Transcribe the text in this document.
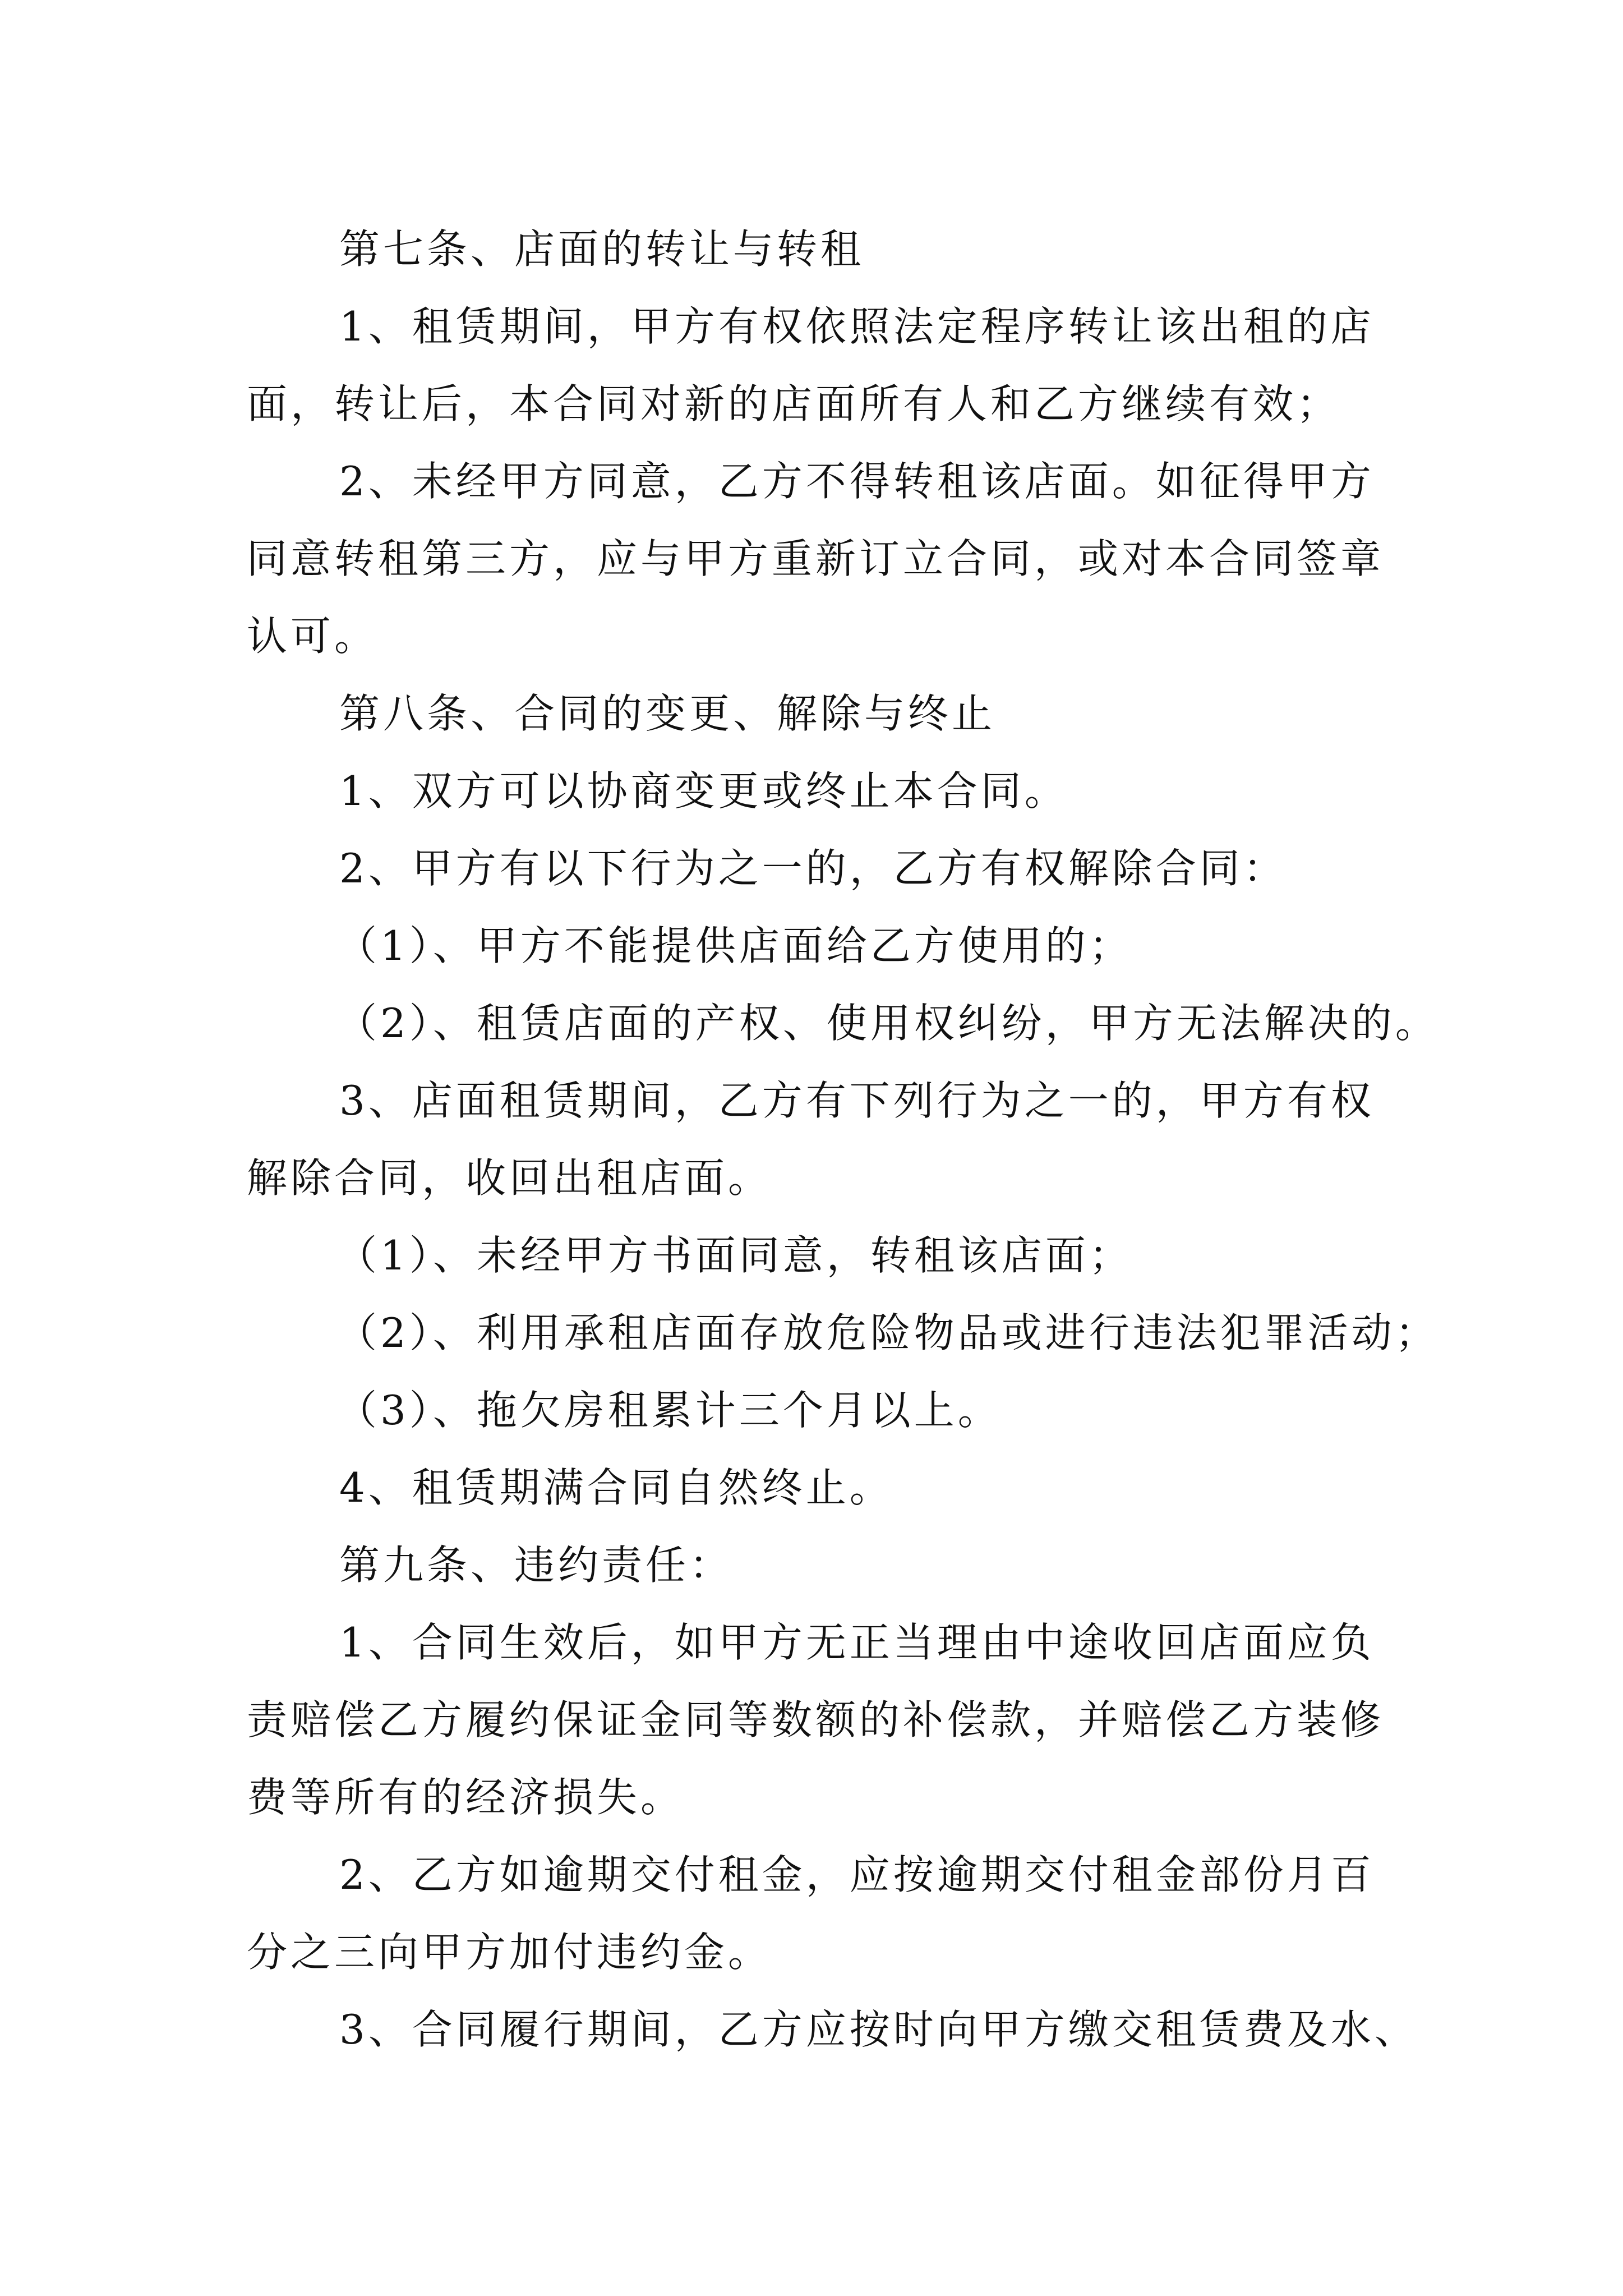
第七条、店面的转让与转租
1、租赁期间，甲方有权依照法定程序转让该出租的店
面，转让后，本合同对新的店面所有人和乙方继续有效；
2、未经甲方同意，乙方不得转租该店面。如征得甲方
同意转租第三方，应与甲方重新订立合同，或对本合同签章
认可。
第八条、合同的变更、解除与终止
1、双方可以协商变更或终止本合同。
2、甲方有以下行为之一的，乙方有权解除合同：
（1）、甲方不能提供店面给乙方使用的；
（2）、租赁店面的产权、使用权纠纷，甲方无法解决的。
3、店面租赁期间，乙方有下列行为之一的，甲方有权
解除合同，收回出租店面。
（1）、未经甲方书面同意，转租该店面；
（2）、利用承租店面存放危险物品或进行违法犯罪活动；
（3）、拖欠房租累计三个月以上。
4、租赁期满合同自然终止。
第九条、违约责任：
1、合同生效后，如甲方无正当理由中途收回店面应负
责赔偿乙方履约保证金同等数额的补偿款，并赔偿乙方装修
费等所有的经济损失。
2、乙方如逾期交付租金，应按逾期交付租金部份月百
分之三向甲方加付违约金。
3、合同履行期间，乙方应按时向甲方缴交租赁费及水、
